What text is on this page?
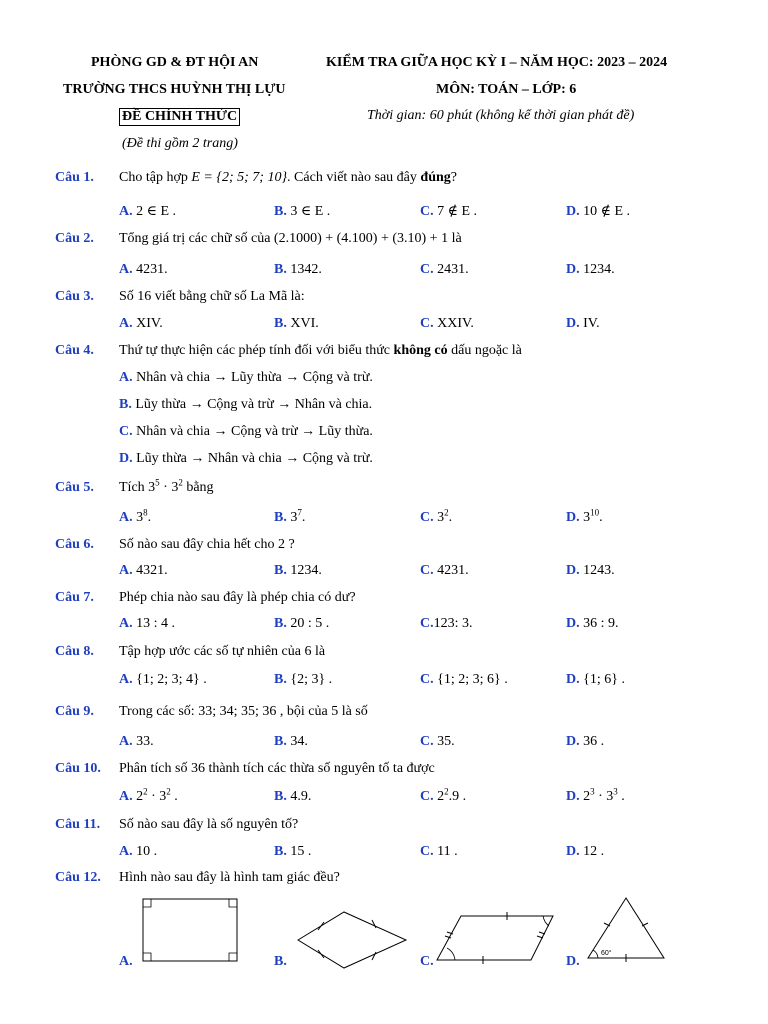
PHÒNG GD & ĐT HỘI AN
TRƯỜNG THCS HUỲNH THỊ LỰU
ĐỀ CHÍNH THỨC
(Đề thi gồm 2 trang)
KIỂM TRA GIỮA HỌC KỲ I – NĂM HỌC: 2023 – 2024
MÔN: TOÁN – LỚP: 6
Thời gian: 60 phút (không kể thời gian phát đề)
Câu 1. Cho tập hợp E = {2; 5; 7; 10}. Cách viết nào sau đây đúng?
A. 2 ∈ E .	B. 3 ∈ E .	C. 7 ∉ E .	D. 10 ∉ E .
Câu 2. Tổng giá trị các chữ số của (2.1000) + (4.100) + (3.10) + 1 là
A. 4231.	B. 1342.	C. 2431.	D. 1234.
Câu 3. Số 16 viết bằng chữ số La Mã là:
A. XIV.	B. XVI.	C. XXIV.	D. IV.
Câu 4. Thứ tự thực hiện các phép tính đối với biểu thức không có dấu ngoặc là
A. Nhân và chia → Lũy thừa → Cộng và trừ.
B. Lũy thừa → Cộng và trừ → Nhân và chia.
C. Nhân và chia → Cộng và trừ → Lũy thừa.
D. Lũy thừa → Nhân và chia → Cộng và trừ.
Câu 5. Tích $3^5 \cdot 3^2$ bằng
A. $3^8$.	B. $3^7$.	C. $3^2$.	D. $3^{10}$.
Câu 6. Số nào sau đây chia hết cho 2 ?
A. 4321.	B. 1234.	C. 4231.	D. 1243.
Câu 7. Phép chia nào sau đây là phép chia có dư?
A. 13 : 4 .	B. 20 : 5 .	C.123: 3.	D. 36 : 9.
Câu 8. Tập hợp ước các số tự nhiên của 6 là
A. {1; 2; 3; 4} .	B. {2; 3} .	C. {1; 2; 3; 6} .	D. {1; 6} .
Câu 9. Trong các số: 33; 34; 35; 36 , bội của 5 là số
A. 33.	B. 34.	C. 35.	D. 36 .
Câu 10. Phân tích số 36 thành tích các thừa số nguyên tố ta được
A. $2^2 \cdot 3^2$ .	B. 4.9.	C. $2^2.9$ .	D. $2^3 \cdot 3^3$ .
Câu 11. Số nào sau đây là số nguyên tố?
A. 10 .	B. 15 .	C. 11 .	D. 12 .
Câu 12. Hình nào sau đây là hình tam giác đều?
A.	B.	C.	D.
60°
